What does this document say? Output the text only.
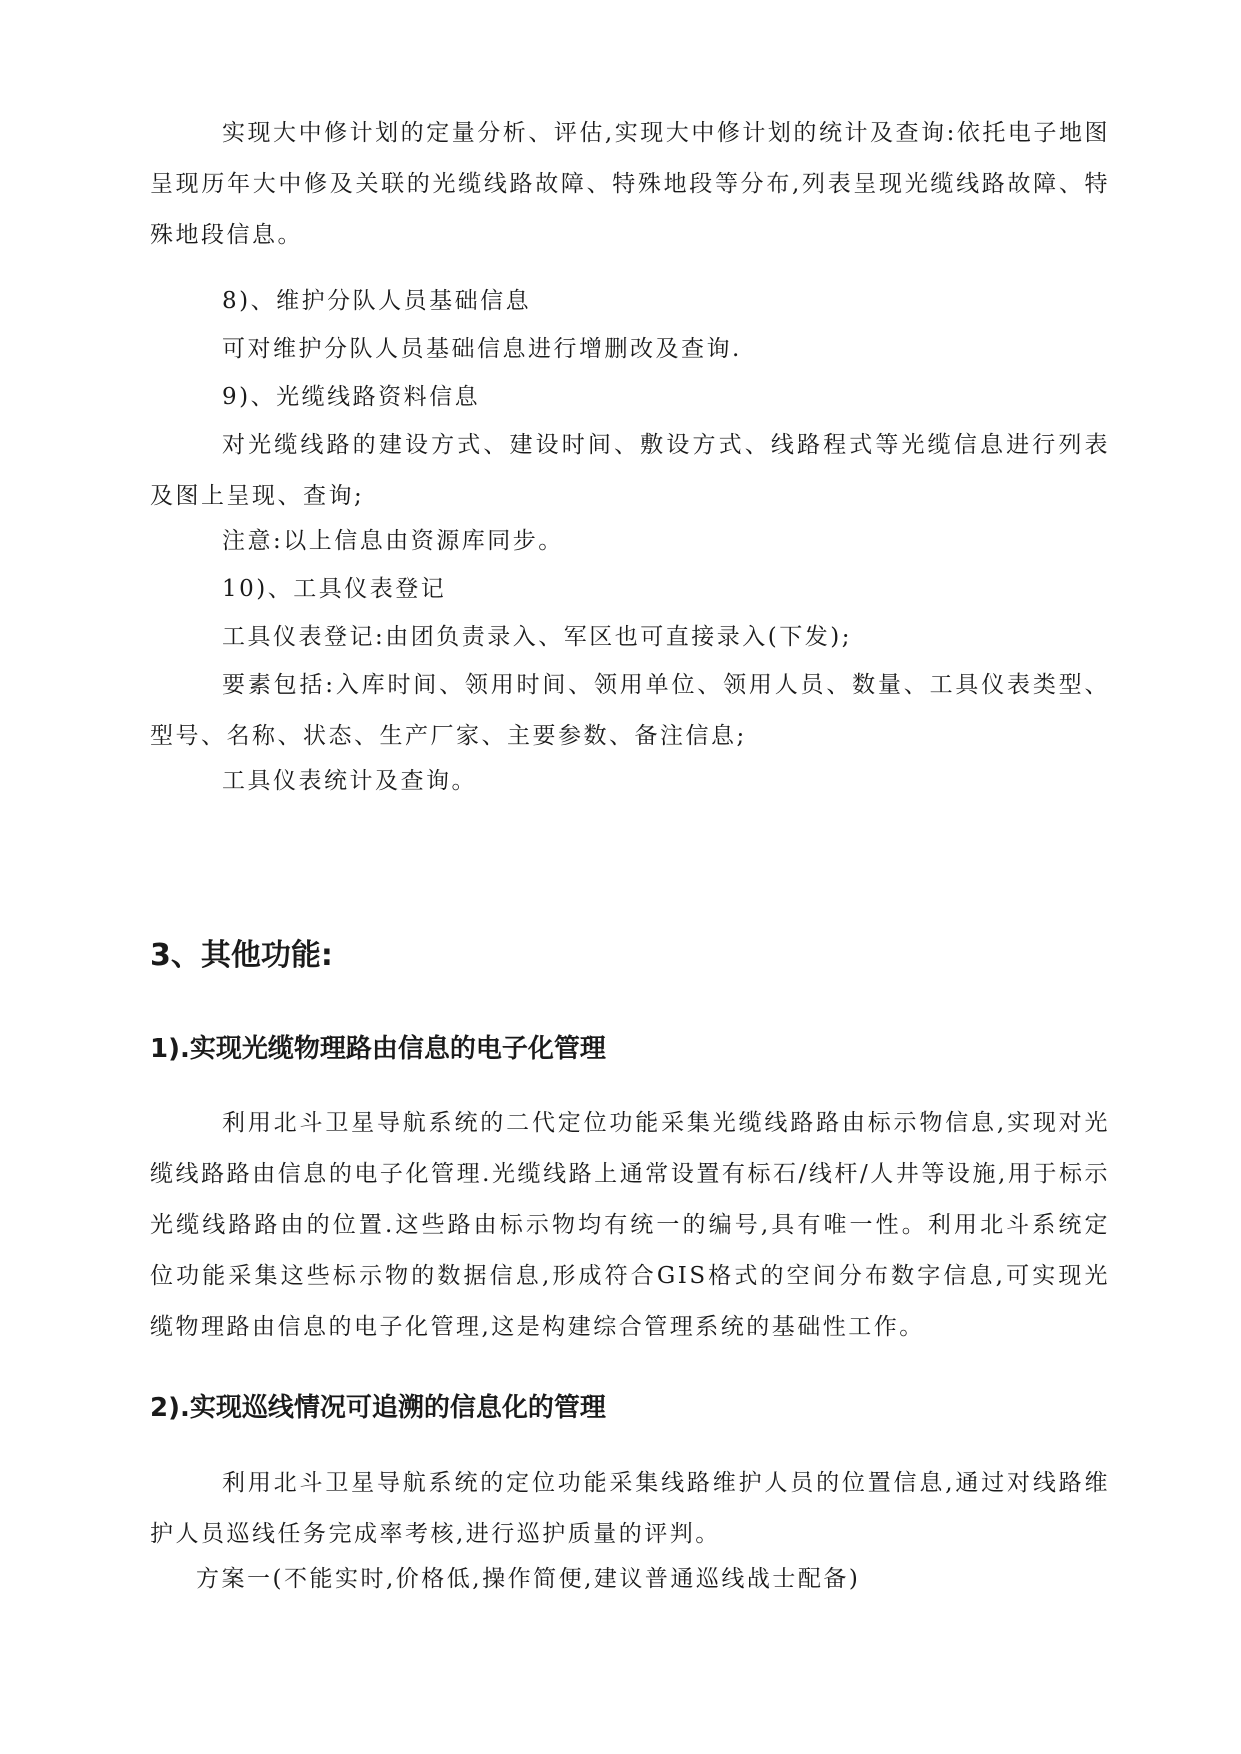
实现大中修计划的定量分析、评估,实现大中修计划的统计及查询:依托电子地图呈现历年大中修及关联的光缆线路故障、特殊地段等分布,列表呈现光缆线路故障、特殊地段信息。

8)、维护分队人员基础信息

可对维护分队人员基础信息进行增删改及查询.

9)、光缆线路资料信息

对光缆线路的建设方式、建设时间、敷设方式、线路程式等光缆信息进行列表及图上呈现、查询;

注意:以上信息由资源库同步。

10)、工具仪表登记

工具仪表登记:由团负责录入、军区也可直接录入(下发);

要素包括:入库时间、领用时间、领用单位、领用人员、数量、工具仪表类型、型号、名称、状态、生产厂家、主要参数、备注信息;

工具仪表统计及查询。

3、其他功能:
1).实现光缆物理路由信息的电子化管理

利用北斗卫星导航系统的二代定位功能采集光缆线路路由标示物信息,实现对光缆线路路由信息的电子化管理.光缆线路上通常设置有标石/线杆/人井等设施,用于标示光缆线路路由的位置.这些路由标示物均有统一的编号,具有唯一性。利用北斗系统定位功能采集这些标示物的数据信息,形成符合GIS格式的空间分布数字信息,可实现光缆物理路由信息的电子化管理,这是构建综合管理系统的基础性工作。

2).实现巡线情况可追溯的信息化的管理

利用北斗卫星导航系统的定位功能采集线路维护人员的位置信息,通过对线路维护人员巡线任务完成率考核,进行巡护质量的评判。

方案一(不能实时,价格低,操作简便,建议普通巡线战士配备)
